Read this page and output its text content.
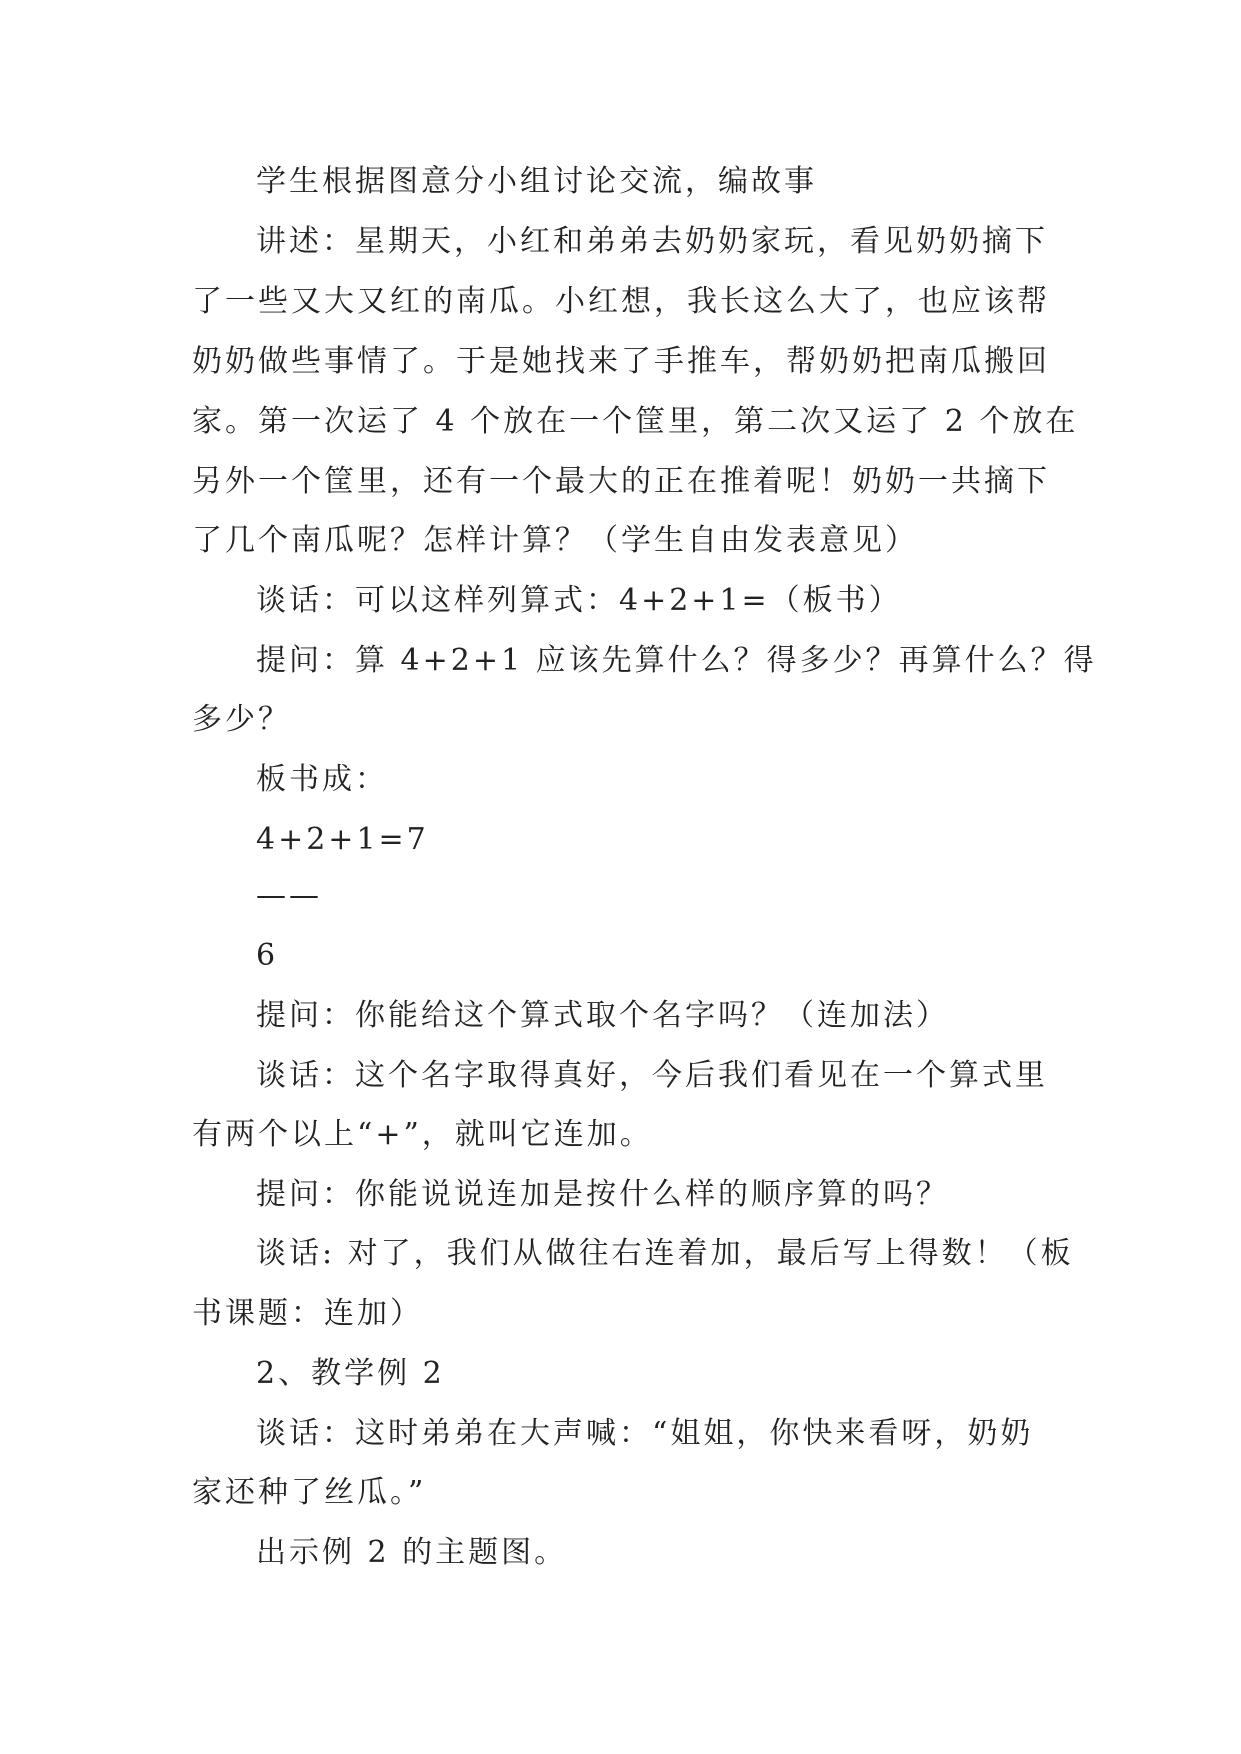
学生根据图意分小组讨论交流，编故事
讲述：星期天，小红和弟弟去奶奶家玩，看见奶奶摘下
了一些又大又红的南瓜。小红想，我长这么大了，也应该帮
奶奶做些事情了。于是她找来了手推车，帮奶奶把南瓜搬回
家。第一次运了 4 个放在一个筐里，第二次又运了 2 个放在
另外一个筐里，还有一个最大的正在推着呢！奶奶一共摘下
了几个南瓜呢？怎样计算？（学生自由发表意见）
谈话：可以这样列算式：4+2+1=（板书）
提问：算 4+2+1 应该先算什么？得多少？再算什么？得
多少？
板书成：
4+2+1=7
——
6
提问：你能给这个算式取个名字吗？（连加法）
谈话：这个名字取得真好，今后我们看见在一个算式里
有两个以上“+”，就叫它连加。
提问：你能说说连加是按什么样的顺序算的吗？
谈话: 对了，我们从做往右连着加，最后写上得数！（板
书课题：连加）
2、教学例 2
谈话：这时弟弟在大声喊：“姐姐，你快来看呀，奶奶
家还种了丝瓜。”
出示例 2 的主题图。
